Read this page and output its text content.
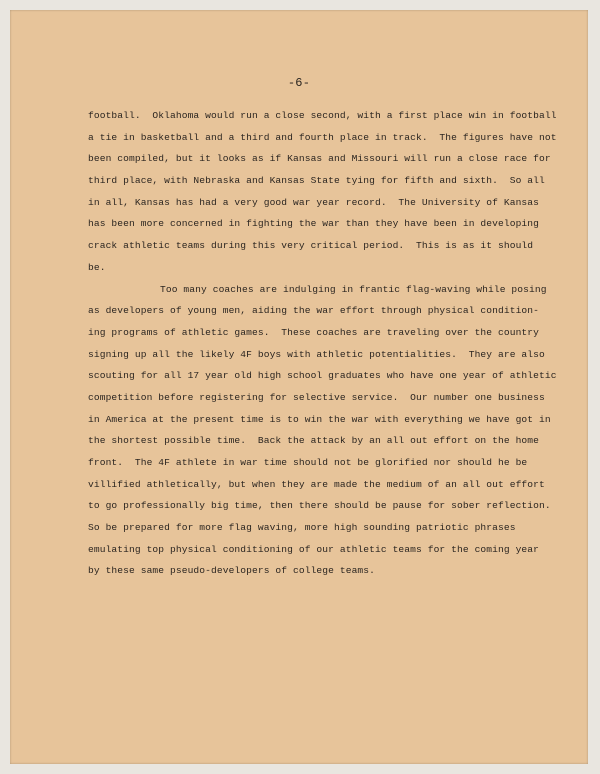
-6-
football.  Oklahoma would run a close second, with a first place win in football
a tie in basketball and a third and fourth place in track.  The figures have not
been compiled, but it looks as if Kansas and Missouri will run a close race for
third place, with Nebraska and Kansas State tying for fifth and sixth.  So all
in all, Kansas has had a very good war year record.  The University of Kansas
has been more concerned in fighting the war than they have been in developing
crack athletic teams during this very critical period.  This is as it should
be.
Too many coaches are indulging in frantic flag-waving while posing
as developers of young men, aiding the war effort through physical condition-
ing programs of athletic games.  These coaches are traveling over the country
signing up all the likely 4F boys with athletic potentialities.  They are also
scouting for all 17 year old high school graduates who have one year of athletic
competition before registering for selective service.  Our number one business
in America at the present time is to win the war with everything we have got in
the shortest possible time.  Back the attack by an all out effort on the home
front.  The 4F athlete in war time should not be glorified nor should he be
villified athletically, but when they are made the medium of an all out effort
to go professionally big time, then there should be pause for sober reflection.
So be prepared for more flag waving, more high sounding patriotic phrases
emulating top physical conditioning of our athletic teams for the coming year
by these same pseudo-developers of college teams.
